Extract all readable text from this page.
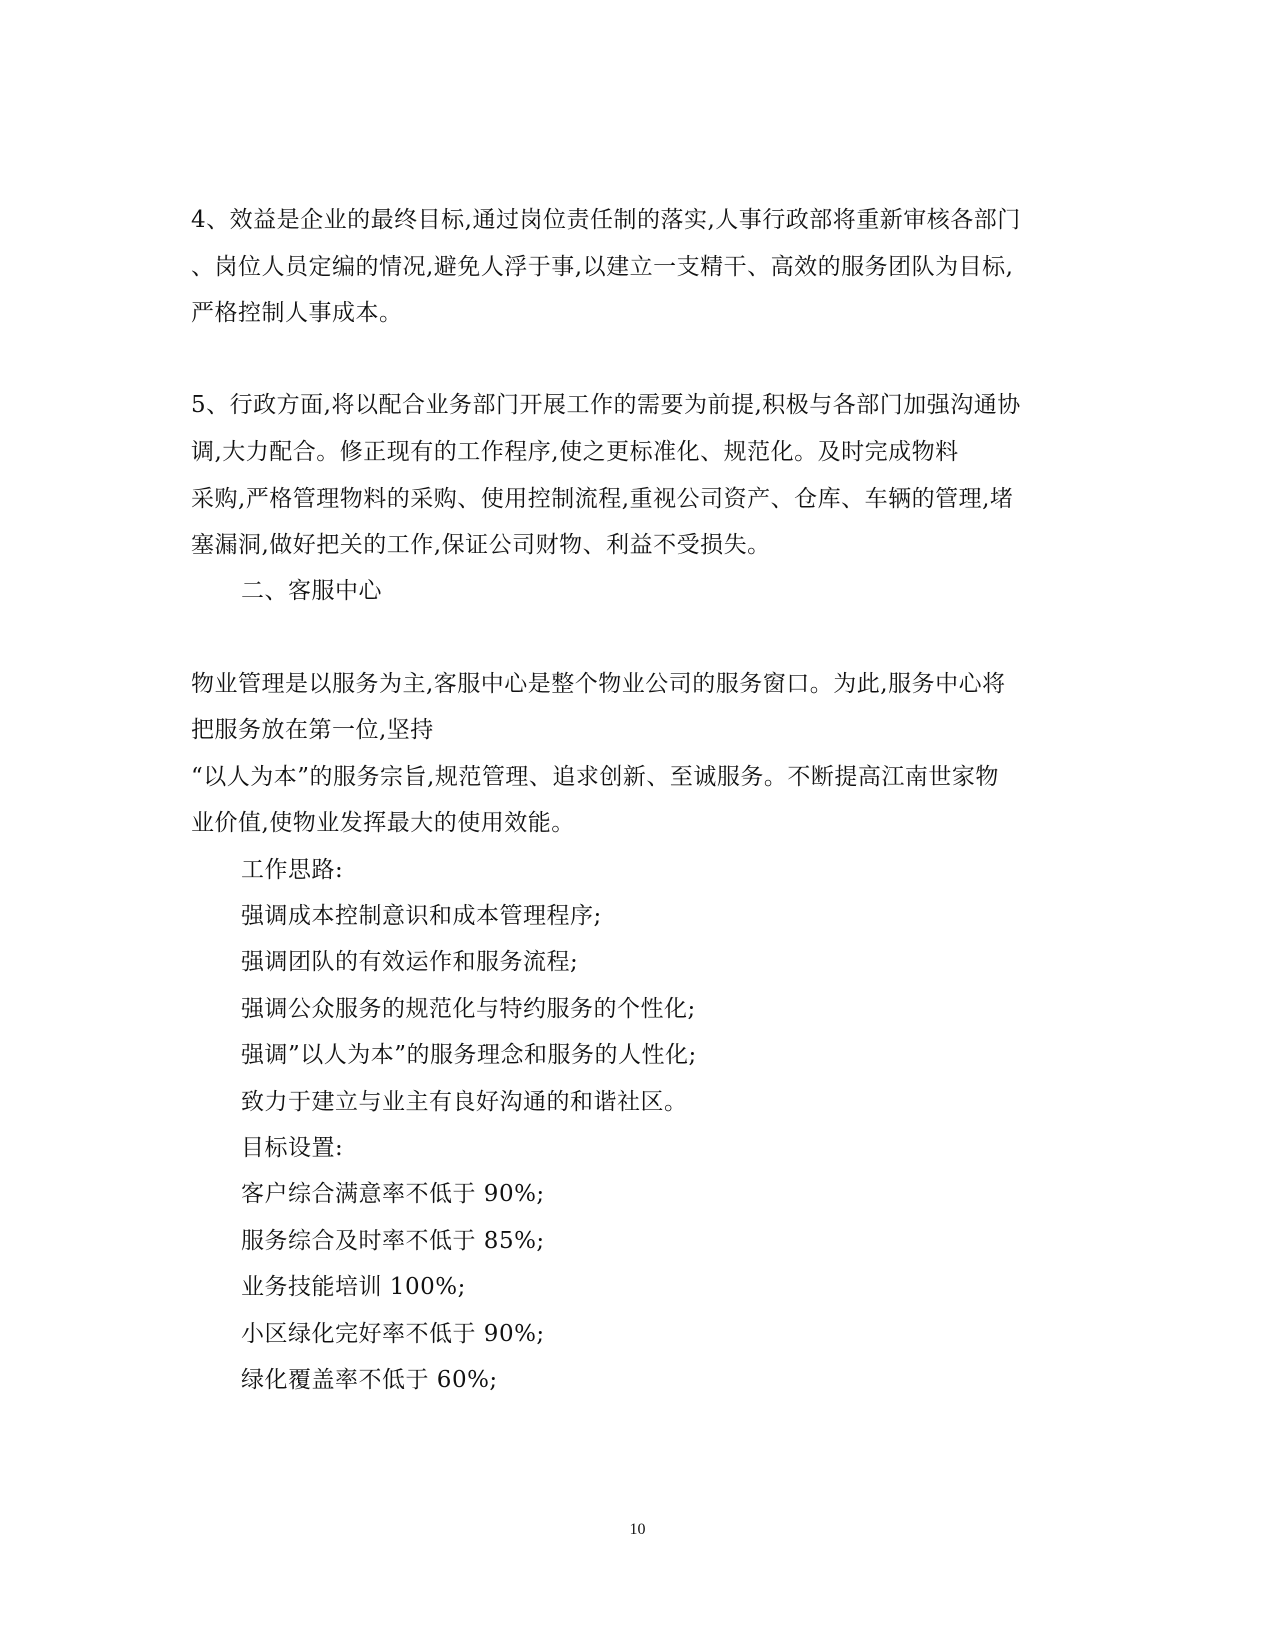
4、效益是企业的最终目标,通过岗位责任制的落实,人事行政部将重新审核各部门
、岗位人员定编的情况,避免人浮于事,以建立一支精干、高效的服务团队为目标,
严格控制人事成本。
5、行政方面,将以配合业务部门开展工作的需要为前提,积极与各部门加强沟通协
调,大力配合。修正现有的工作程序,使之更标准化、规范化。及时完成物料
采购,严格管理物料的采购、使用控制流程,重视公司资产、仓库、车辆的管理,堵
塞漏洞,做好把关的工作,保证公司财物、利益不受损失。
二、客服中心
物业管理是以服务为主,客服中心是整个物业公司的服务窗口。为此,服务中心将
把服务放在第一位,坚持
“以人为本”的服务宗旨,规范管理、追求创新、至诚服务。不断提高江南世家物
业价值,使物业发挥最大的使用效能。
工作思路:
强调成本控制意识和成本管理程序;
强调团队的有效运作和服务流程;
强调公众服务的规范化与特约服务的个性化;
强调”以人为本”的服务理念和服务的人性化;
致力于建立与业主有良好沟通的和谐社区。
目标设置:
客户综合满意率不低于 90%;
服务综合及时率不低于 85%;
业务技能培训 100%;
小区绿化完好率不低于 90%;
绿化覆盖率不低于 60%;
10
